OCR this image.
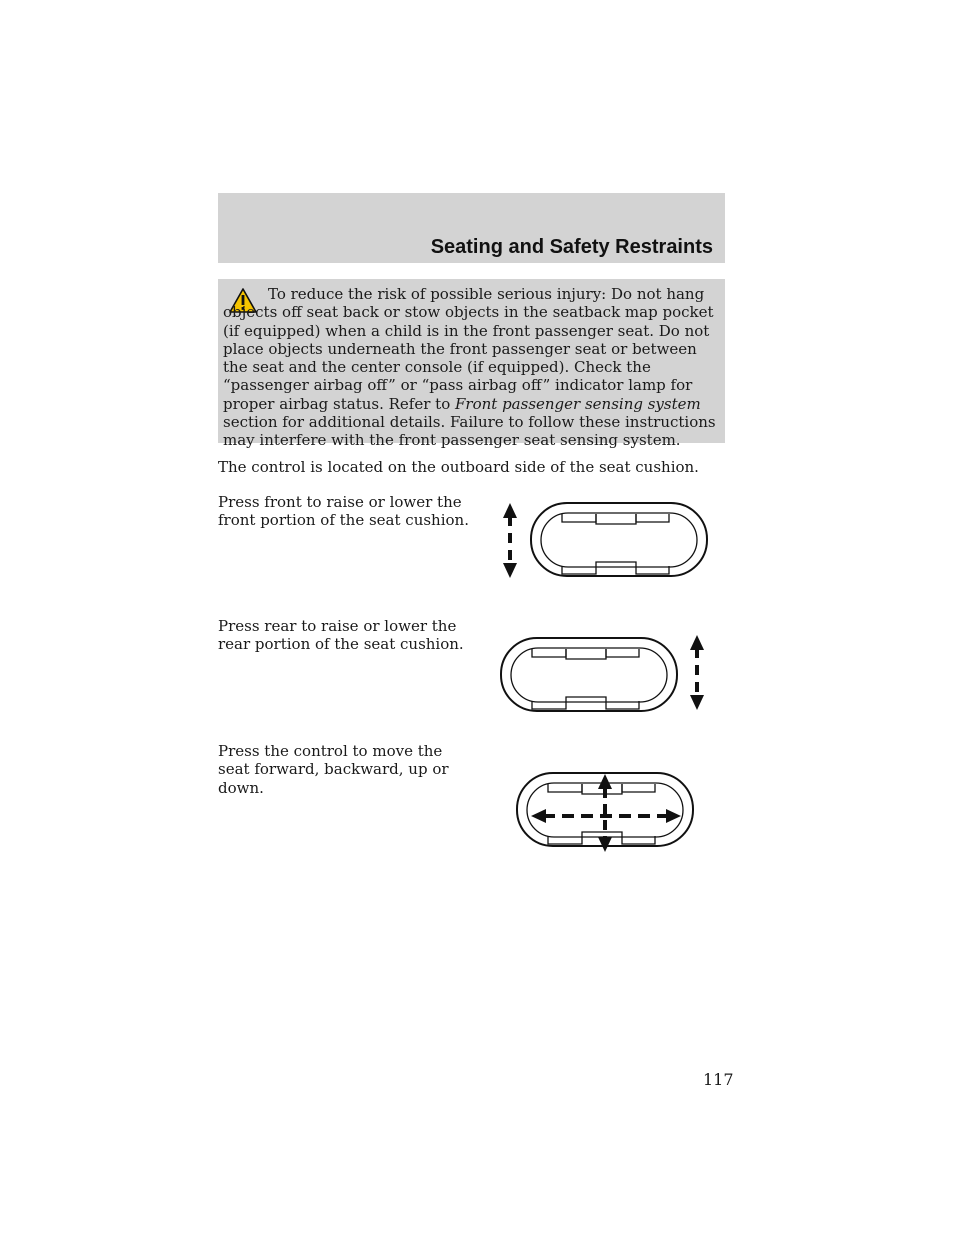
Seating and Safety Restraints

To reduce the risk of possible serious injury: Do not hang objects off seat back or stow objects in the seatback map pocket (if equipped) when a child is in the front passenger seat. Do not place objects underneath the front passenger seat or between the seat and the center console (if equipped). Check the “passenger airbag off” or “pass airbag off” indicator lamp for proper airbag status. Refer to Front passenger sensing system section for additional details. Failure to follow these instructions may interfere with the front passenger seat sensing system.

The control is located on the outboard side of the seat cushion.

Press front to raise or lower the front portion of the seat cushion.

Press rear to raise or lower the rear portion of the seat cushion.

Press the control to move the seat forward, backward, up or down.

117
